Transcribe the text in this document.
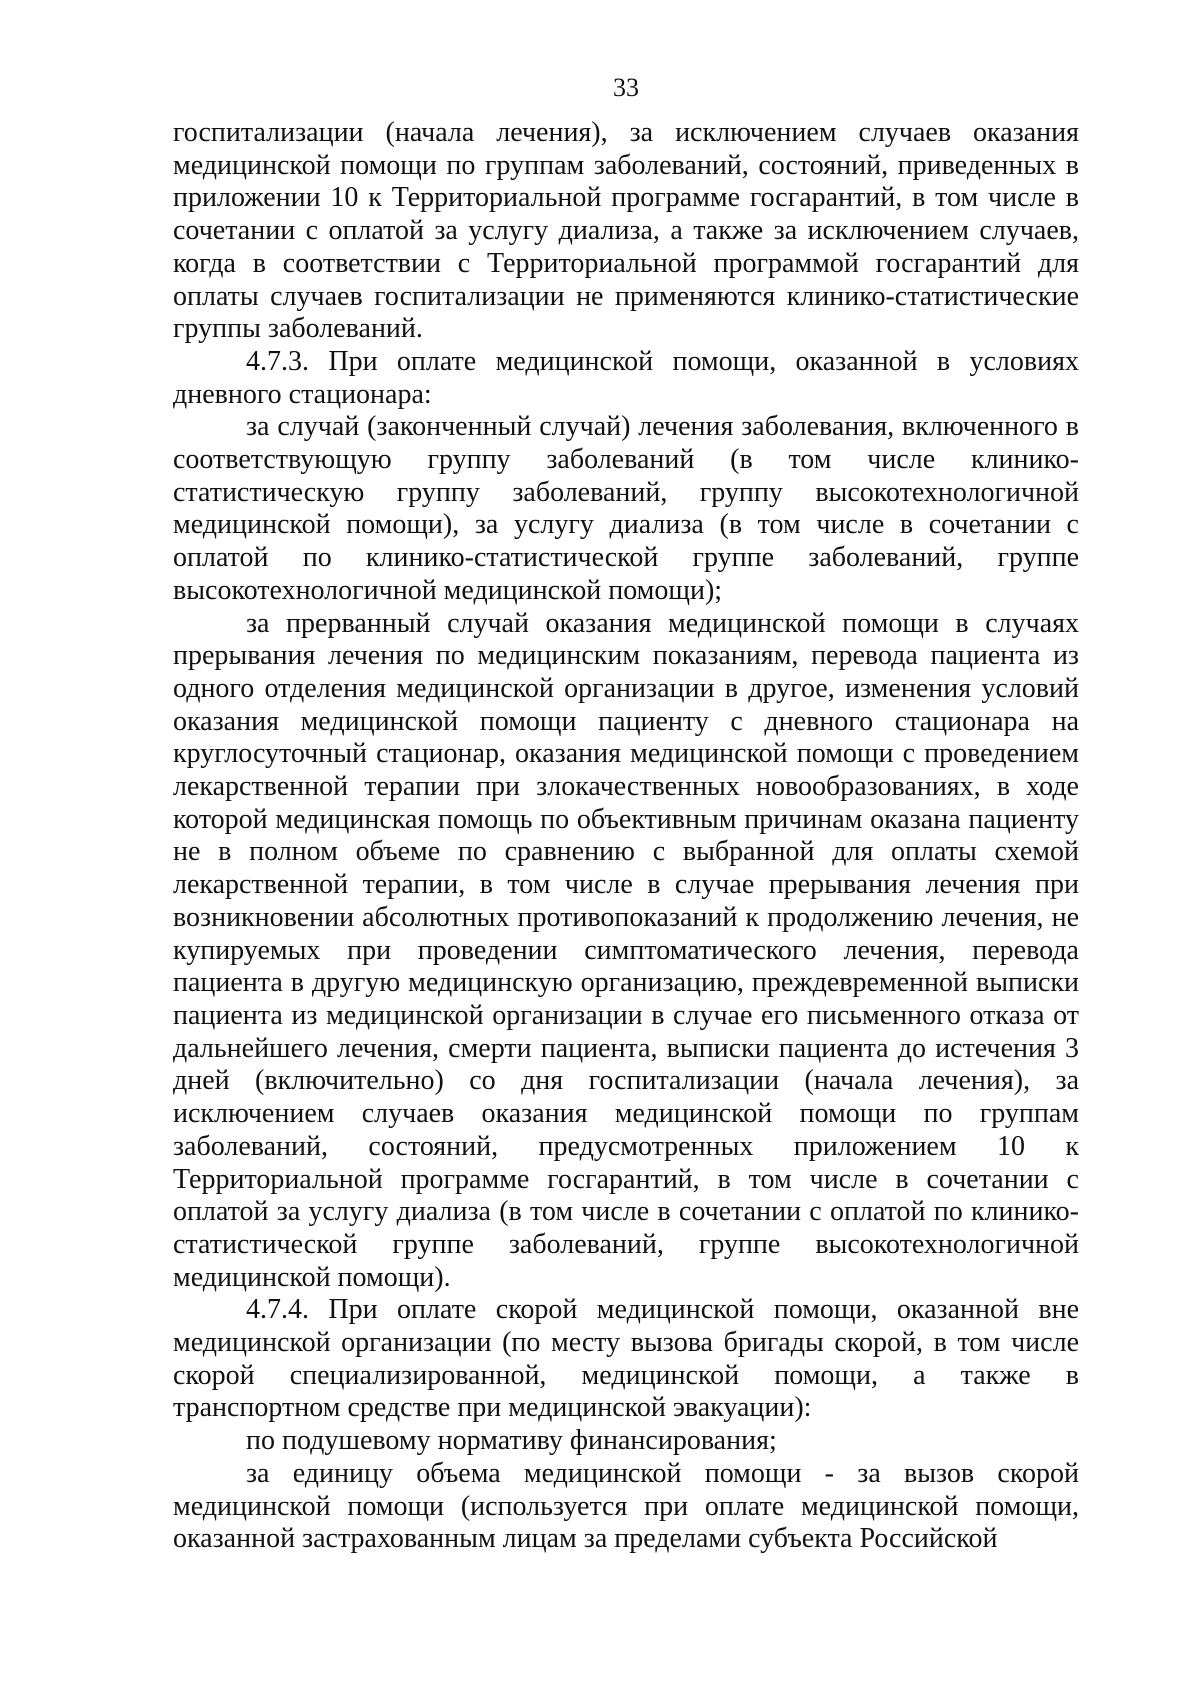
33

госпитализации (начала лечения), за исключением случаев оказания медицинской помощи по группам заболеваний, состояний, приведенных в приложении 10 к Территориальной программе госгарантий, в том числе в сочетании с оплатой за услугу диализа, а также за исключением случаев, когда в соответствии с Территориальной программой госгарантий для оплаты случаев госпитализации не применяются клинико-статистические группы заболеваний.

4.7.3. При оплате медицинской помощи, оказанной в условиях дневного стационара:

за случай (законченный случай) лечения заболевания, включенного в соответствующую группу заболеваний (в том числе клинико-статистическую группу заболеваний, группу высокотехнологичной медицинской помощи), за услугу диализа (в том числе в сочетании с оплатой по клинико-статистической группе заболеваний, группе высокотехнологичной медицинской помощи);

за прерванный случай оказания медицинской помощи в случаях прерывания лечения по медицинским показаниям, перевода пациента из одного отделения медицинской организации в другое, изменения условий оказания медицинской помощи пациенту с дневного стационара на круглосуточный стационар, оказания медицинской помощи с проведением лекарственной терапии при злокачественных новообразованиях, в ходе которой медицинская помощь по объективным причинам оказана пациенту не в полном объеме по сравнению с выбранной для оплаты схемой лекарственной терапии, в том числе в случае прерывания лечения при возникновении абсолютных противопоказаний к продолжению лечения, не купируемых при проведении симптоматического лечения, перевода пациента в другую медицинскую организацию, преждевременной выписки пациента из медицинской организации в случае его письменного отказа от дальнейшего лечения, смерти пациента, выписки пациента до истечения 3 дней (включительно) со дня госпитализации (начала лечения), за исключением случаев оказания медицинской помощи по группам заболеваний, состояний, предусмотренных приложением 10 к Территориальной программе госгарантий, в том числе в сочетании с оплатой за услугу диализа (в том числе в сочетании с оплатой по клинико-статистической группе заболеваний, группе высокотехнологичной медицинской помощи).

4.7.4. При оплате скорой медицинской помощи, оказанной вне медицинской организации (по месту вызова бригады скорой, в том числе скорой специализированной, медицинской помощи, а также в транспортном средстве при медицинской эвакуации):

по подушевому нормативу финансирования;

за единицу объема медицинской помощи - за вызов скорой медицинской помощи (используется при оплате медицинской помощи, оказанной застрахованным лицам за пределами субъекта Российской
